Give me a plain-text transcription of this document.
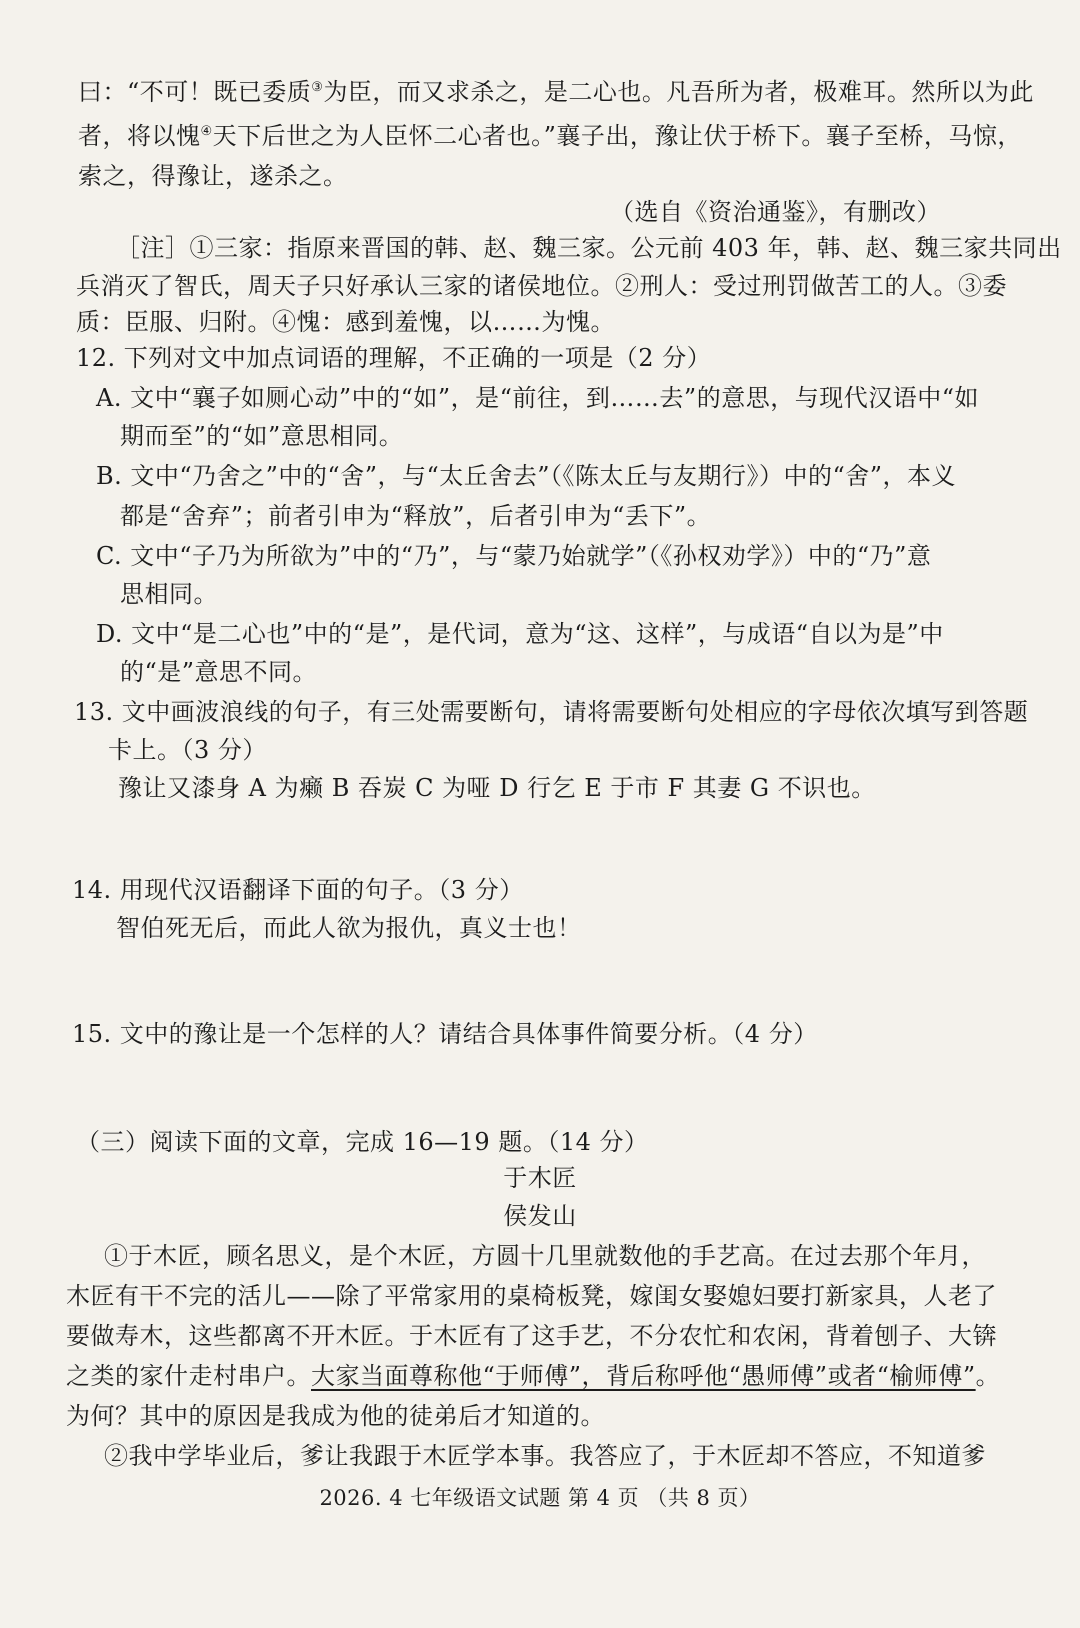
曰：“不可！既已委质③为臣，而又求杀之，是二心也。凡吾所为者，极难耳。然所以为此
者，将以愧④天下后世之为人臣怀二心者也。”襄子出，豫让伏于桥下。襄子至桥，马惊，
索之，得豫让，遂杀之。
（选自《资治通鉴》，有删改）
［注］①三家：指原来晋国的韩、赵、魏三家。公元前 403 年，韩、赵、魏三家共同出
兵消灭了智氏，周天子只好承认三家的诸侯地位。②刑人：受过刑罚做苦工的人。③委
质：臣服、归附。④愧：感到羞愧，以……为愧。
12. 下列对文中加点词语的理解，不正确的一项是（2 分）
A. 文中“襄子如厕心动”中的“如”，是“前往，到……去”的意思，与现代汉语中“如
期而至”的“如”意思相同。
B. 文中“乃舍之”中的“舍”，与“太丘舍去”（《陈太丘与友期行》）中的“舍”，本义
都是“舍弃”；前者引申为“释放”，后者引申为“丢下”。
C. 文中“子乃为所欲为”中的“乃”，与“蒙乃始就学”（《孙权劝学》）中的“乃”意
思相同。
D. 文中“是二心也”中的“是”，是代词，意为“这、这样”，与成语“自以为是”中
的“是”意思不同。
13. 文中画波浪线的句子，有三处需要断句，请将需要断句处相应的字母依次填写到答题
卡上。（3 分）
豫让又漆身 A 为癞 B 吞炭 C 为哑 D 行乞 E 于市 F 其妻 G 不识也。
14. 用现代汉语翻译下面的句子。（3 分）
智伯死无后，而此人欲为报仇，真义士也！
15. 文中的豫让是一个怎样的人？请结合具体事件简要分析。（4 分）
（三）阅读下面的文章，完成 16—19 题。（14 分）
于木匠
侯发山
①于木匠，顾名思义，是个木匠，方圆十几里就数他的手艺高。在过去那个年月，
木匠有干不完的活儿——除了平常家用的桌椅板凳，嫁闺女娶媳妇要打新家具，人老了
要做寿木，这些都离不开木匠。于木匠有了这手艺，不分农忙和农闲，背着刨子、大锛
之类的家什走村串户。大家当面尊称他“于师傅”，背后称呼他“愚师傅”或者“榆师傅”。
为何？其中的原因是我成为他的徒弟后才知道的。
②我中学毕业后，爹让我跟于木匠学本事。我答应了，于木匠却不答应，不知道爹
2026. 4 七年级语文试题 第 4 页 （共 8 页）
